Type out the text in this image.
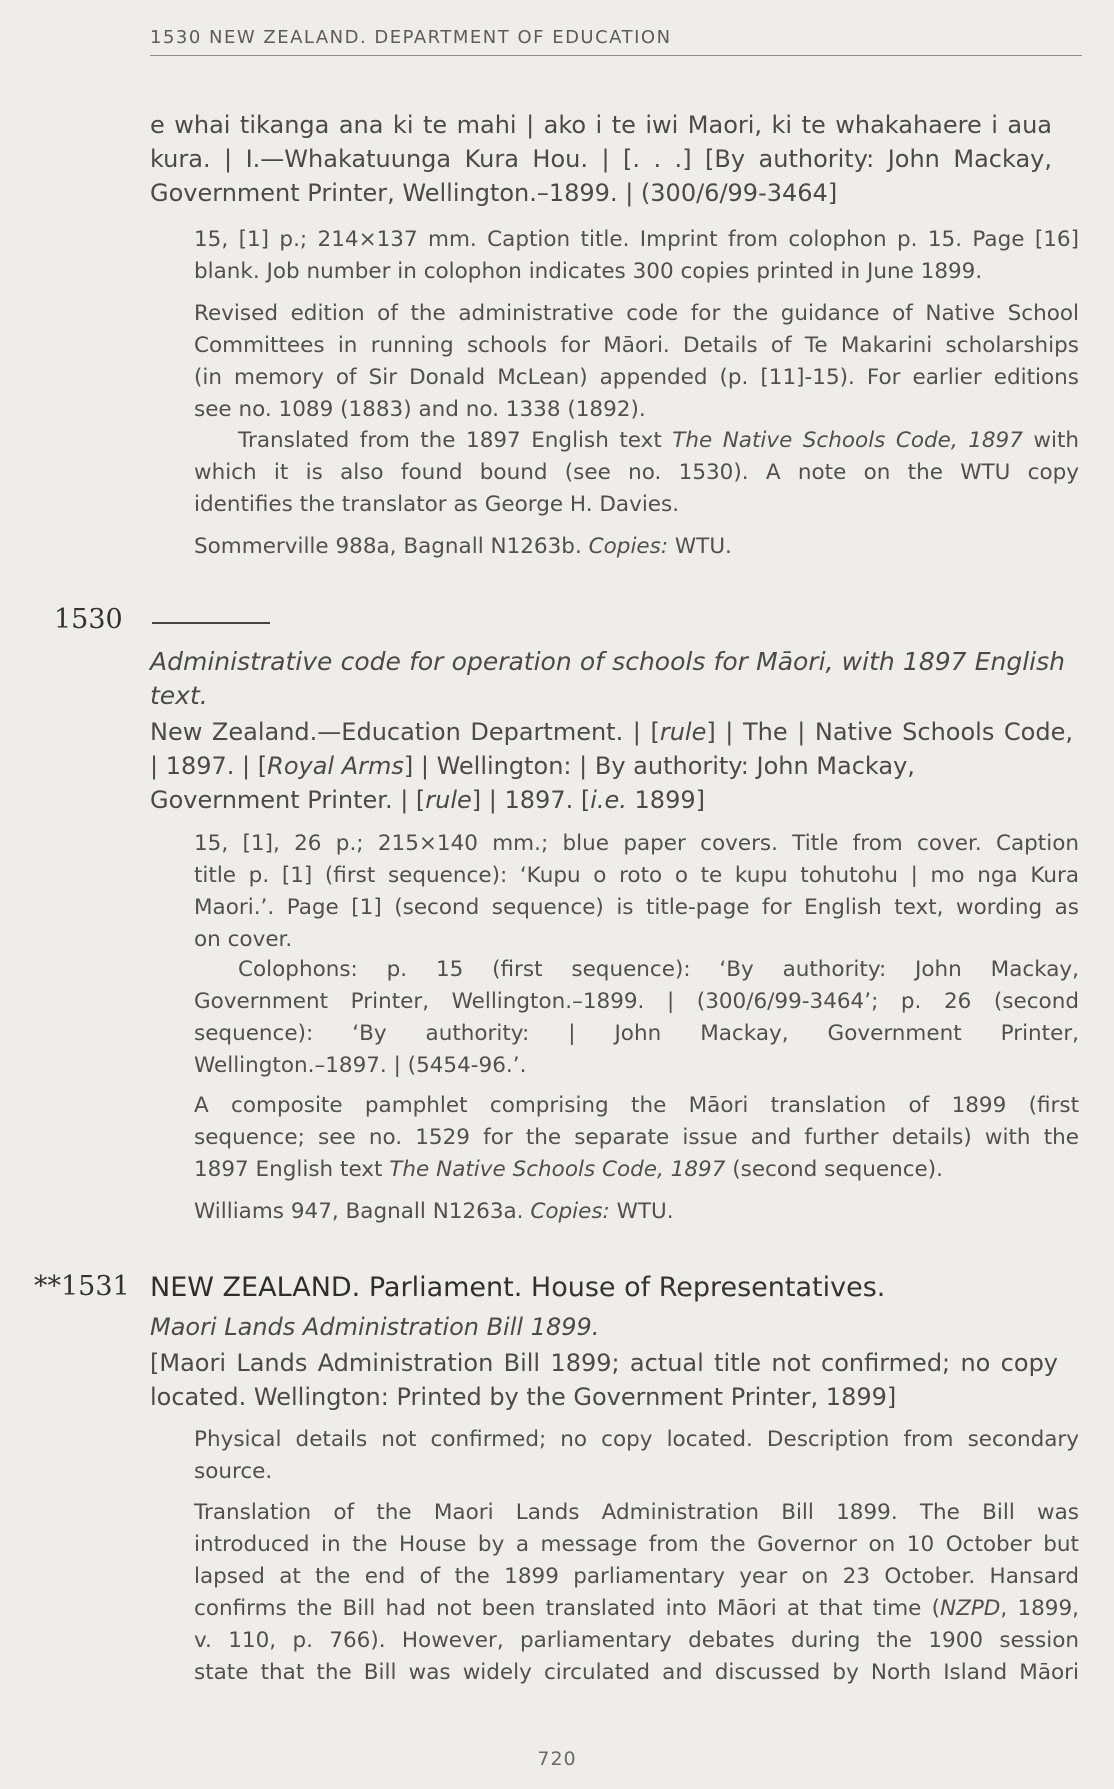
1530 NEW ZEALAND. DEPARTMENT OF EDUCATION
e whai tikanga ana ki te mahi | ako i te iwi Maori, ki te whakahaere i aua
kura. | I.—Whakatuunga Kura Hou. | [. . .] [By authority: John Mackay,
Government Printer, Wellington.–1899. | (300/6/99-3464]
15, [1] p.; 214×137 mm. Caption title. Imprint from colophon p. 15. Page [16]
blank. Job number in colophon indicates 300 copies printed in June 1899.
Revised edition of the administrative code for the guidance of Native School
Committees in running schools for Māori. Details of Te Makarini scholarships
(in memory of Sir Donald McLean) appended (p. [11]-15). For earlier editions
see no. 1089 (1883) and no. 1338 (1892).
Translated from the 1897 English text The Native Schools Code, 1897 with
which it is also found bound (see no. 1530). A note on the WTU copy
identifies the translator as George H. Davies.
Sommerville 988a, Bagnall N1263b. Copies: WTU.
1530
Administrative code for operation of schools for Māori, with 1897 English
text.
New Zealand.—Education Department. | [rule] | The | Native Schools Code,
| 1897. | [Royal Arms] | Wellington: | By authority: John Mackay,
Government Printer. | [rule] | 1897. [i.e. 1899]
15, [1], 26 p.; 215×140 mm.; blue paper covers. Title from cover. Caption
title p. [1] (first sequence): ‘Kupu o roto o te kupu tohutohu | mo nga Kura
Maori.’. Page [1] (second sequence) is title-page for English text, wording as
on cover.
Colophons: p. 15 (first sequence): ‘By authority: John Mackay,
Government Printer, Wellington.–1899. | (300/6/99-3464’; p. 26 (second
sequence): ‘By authority: | John Mackay, Government Printer,
Wellington.–1897. | (5454-96.’.
A composite pamphlet comprising the Māori translation of 1899 (first
sequence; see no. 1529 for the separate issue and further details) with the
1897 English text The Native Schools Code, 1897 (second sequence).
Williams 947, Bagnall N1263a. Copies: WTU.
**1531 NEW ZEALAND. Parliament. House of Representatives.
Maori Lands Administration Bill 1899.
[Maori Lands Administration Bill 1899; actual title not confirmed; no copy
located. Wellington: Printed by the Government Printer, 1899]
Physical details not confirmed; no copy located. Description from secondary
source.
Translation of the Maori Lands Administration Bill 1899. The Bill was
introduced in the House by a message from the Governor on 10 October but
lapsed at the end of the 1899 parliamentary year on 23 October. Hansard
confirms the Bill had not been translated into Māori at that time (NZPD, 1899,
v. 110, p. 766). However, parliamentary debates during the 1900 session
state that the Bill was widely circulated and discussed by North Island Māori
720
